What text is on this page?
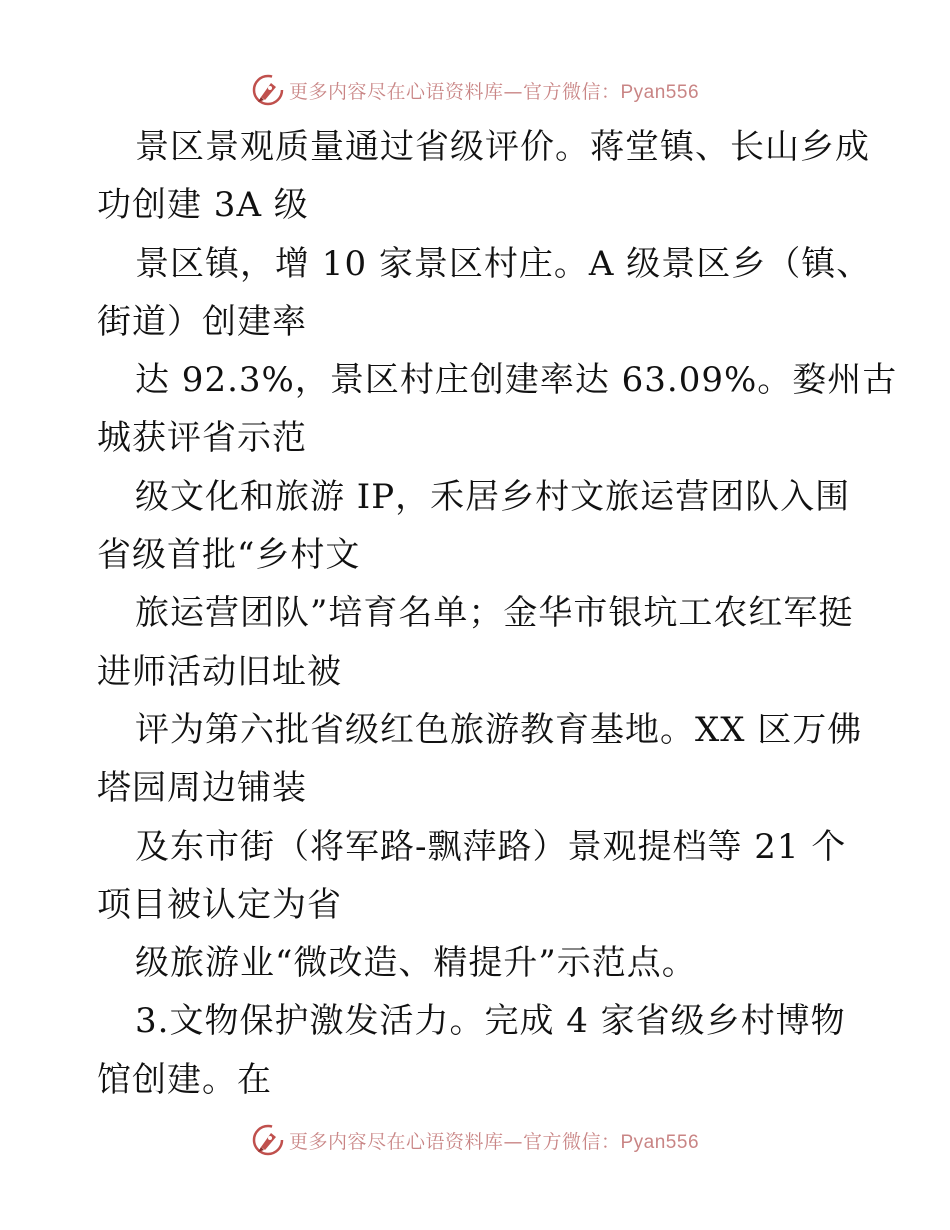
更多内容尽在心语资料库—官方微信：Pyan556
景区景观质量通过省级评价。蒋堂镇、长山乡成
功创建 3A 级
景区镇，增 10 家景区村庄。A 级景区乡（镇、
街道）创建率
达 92.3%，景区村庄创建率达 63.09%。婺州古
城获评省示范
级文化和旅游 IP，禾居乡村文旅运营团队入围
省级首批“乡村文
旅运营团队”培育名单；金华市银坑工农红军挺
进师活动旧址被
评为第六批省级红色旅游教育基地。XX 区万佛
塔园周边铺装
及东市街（将军路-飘萍路）景观提档等 21 个
项目被认定为省
级旅游业“微改造、精提升”示范点。
3.文物保护激发活力。完成 4 家省级乡村博物
馆创建。在
更多内容尽在心语资料库—官方微信：Pyan556
